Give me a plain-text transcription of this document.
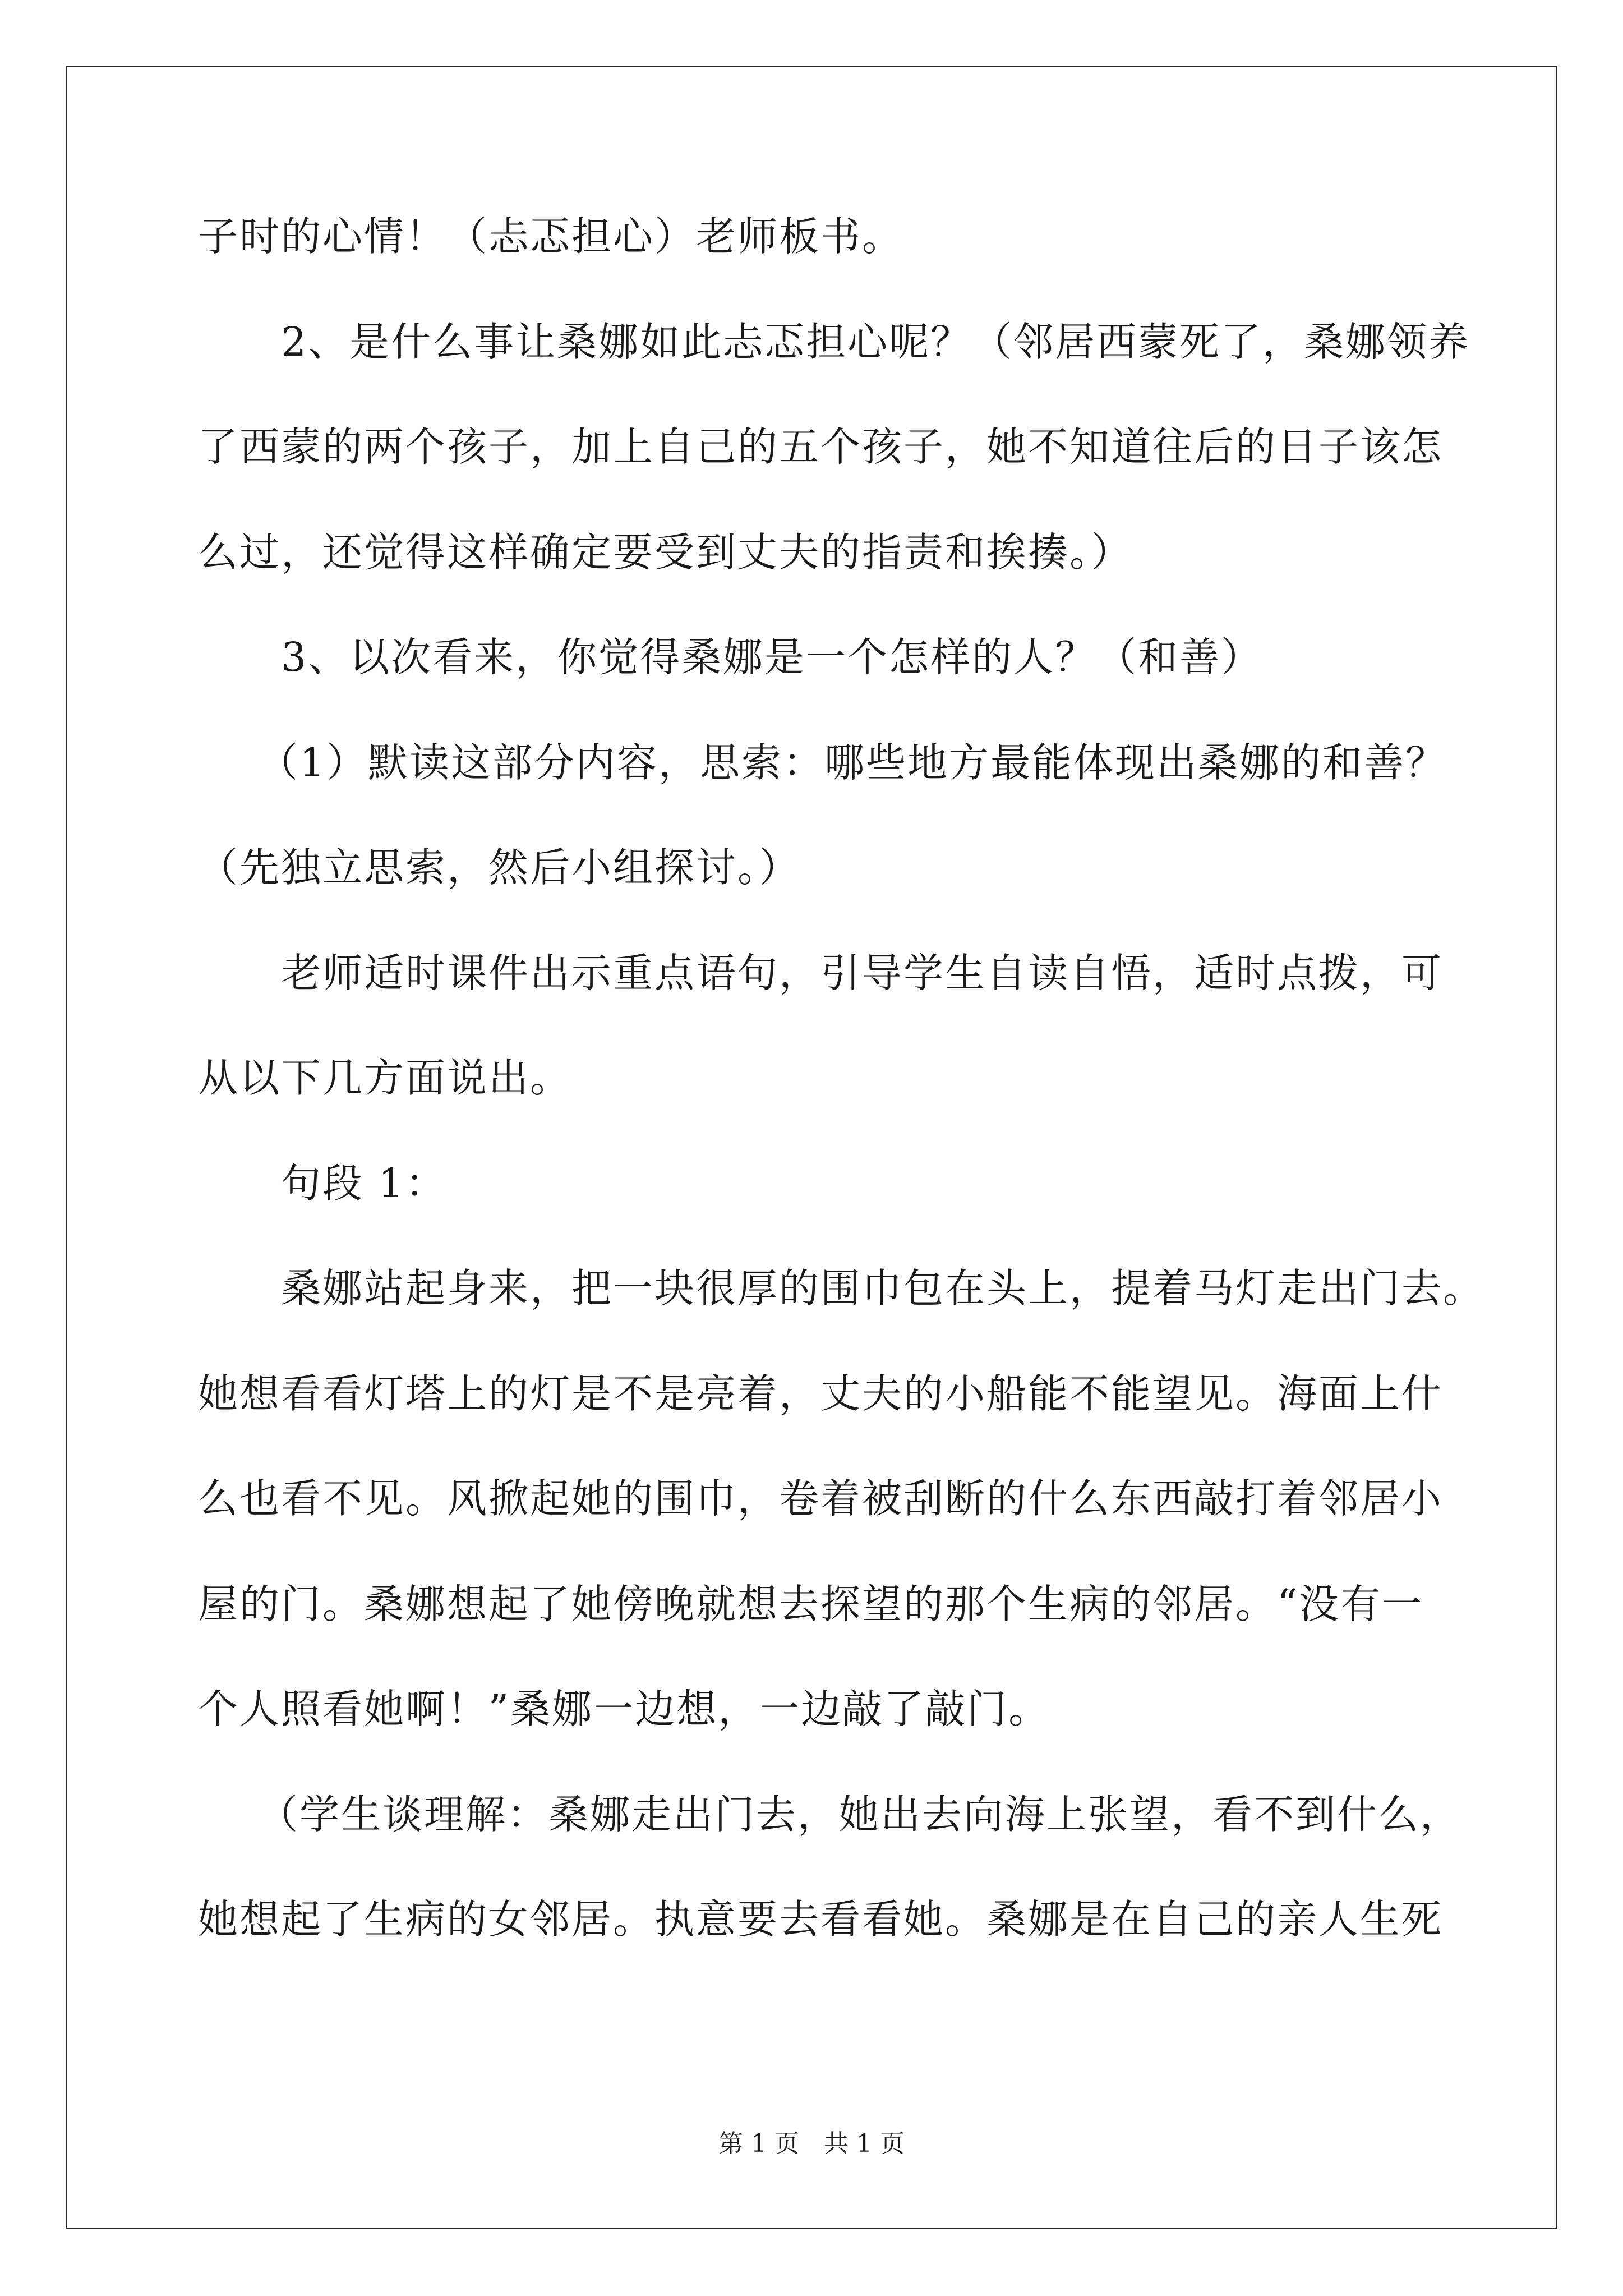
子时的心情！（忐忑担心）老师板书。
2、是什么事让桑娜如此忐忑担心呢？（邻居西蒙死了，桑娜领养
了西蒙的两个孩子，加上自己的五个孩子，她不知道往后的日子该怎
么过，还觉得这样确定要受到丈夫的指责和挨揍。）
3、以次看来，你觉得桑娜是一个怎样的人？（和善）
（1）默读这部分内容，思索：哪些地方最能体现出桑娜的和善？
（先独立思索，然后小组探讨。）
老师适时课件出示重点语句，引导学生自读自悟，适时点拨，可
从以下几方面说出。
句段 1：
桑娜站起身来，把一块很厚的围巾包在头上，提着马灯走出门去。
她想看看灯塔上的灯是不是亮着，丈夫的小船能不能望见。海面上什
么也看不见。风掀起她的围巾，卷着被刮断的什么东西敲打着邻居小
屋的门。桑娜想起了她傍晚就想去探望的那个生病的邻居。“没有一
个人照看她啊！”桑娜一边想，一边敲了敲门。
（学生谈理解：桑娜走出门去，她出去向海上张望，看不到什么，
她想起了生病的女邻居。执意要去看看她。桑娜是在自己的亲人生死
第 1 页　共 1 页
